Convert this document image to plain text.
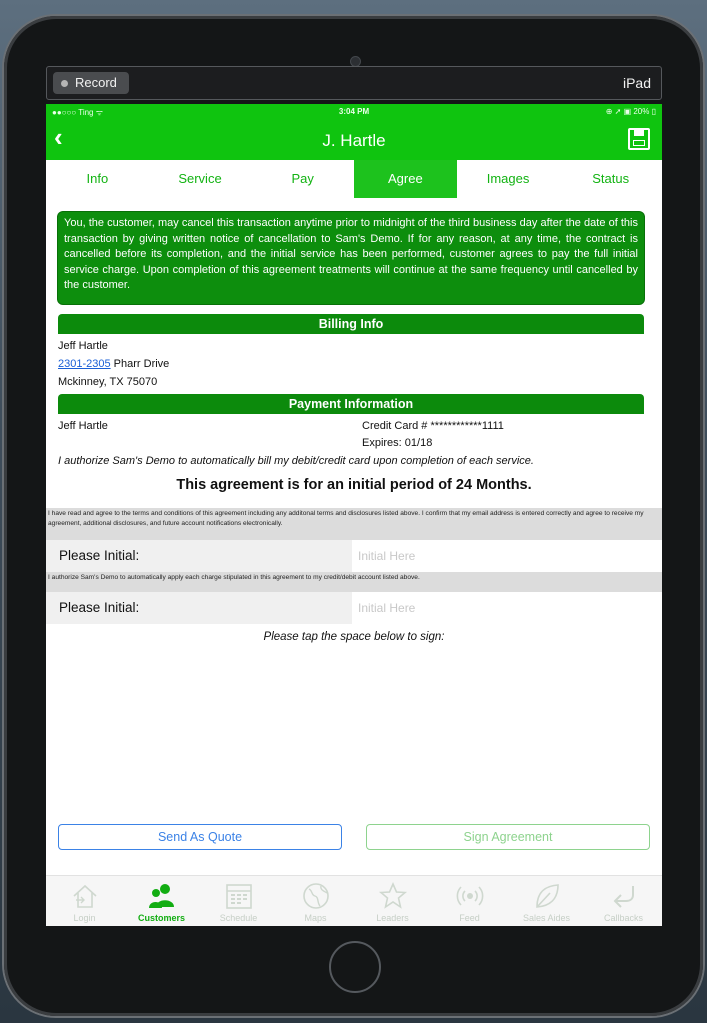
Record	iPad
●●○○○ Ting ᯤ	3:04 PM	⊕ ➚ ▣ 20% ▯
‹	J. Hartle
Info	Service	Pay	Agree	Images	Status
You, the customer, may cancel this transaction anytime prior to midnight of the third business day after the date of this transaction by giving written notice of cancellation to Sam's Demo. If for any reason, at any time, the contract is cancelled before its completion, and the initial service has been performed, customer agrees to pay the full initial service charge. Upon completion of this agreement treatments will continue at the same frequency until cancelled by the customer.
Billing Info
Jeff Hartle
2301-2305 Pharr Drive
Mckinney, TX 75070
Payment Information
Jeff Hartle	Credit Card # ************1111
Expires: 01/18
I authorize Sam's Demo to automatically bill my debit/credit card upon completion of each service.
This agreement is for an initial period of 24 Months.
I have read and agree to the terms and conditions of this agreement including any additonal terms and disclosures listed above. I confirm that my email address is entered correctly and agree to receive my agreement, additional disclosures, and future account notifications electronically.
Please Initial:
Initial Here
I authorize Sam's Demo to automatically apply each charge stipulated in this agreement to my credit/debit account listed above.
Please Initial:
Initial Here
Please tap the space below to sign:
Send As Quote	Sign Agreement
Login	Customers	Schedule	Maps	Leaders	Feed	Sales Aides	Callbacks
